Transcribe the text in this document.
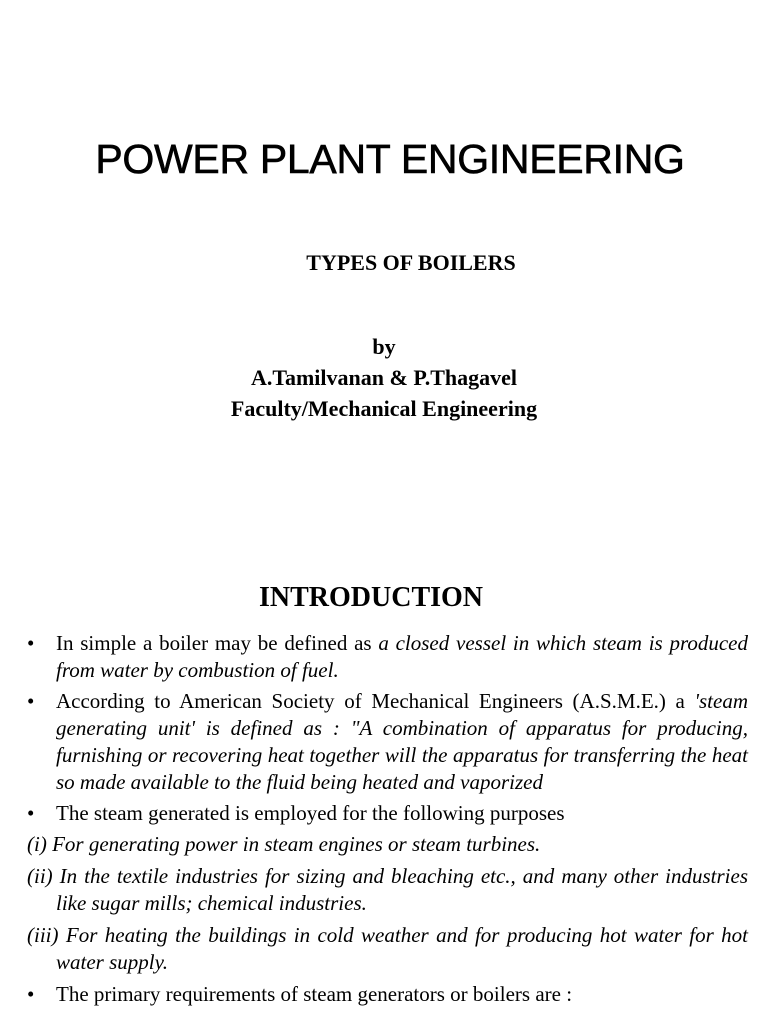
POWER PLANT ENGINEERING
TYPES OF BOILERS
by
A.Tamilvanan & P.Thagavel
Faculty/Mechanical Engineering
INTRODUCTION
• In simple a boiler may be defined as a closed vessel in which steam is produced from water by combustion of fuel.
• According to American Society of Mechanical Engineers (A.S.M.E.) a 'steam generating unit' is defined as : "A combination of apparatus for producing, furnishing or recovering heat together will the apparatus for transferring the heat so made available to the fluid being heated and vaporized
• The steam generated is employed for the following purposes
(i) For generating power in steam engines or steam turbines.
(ii) In the textile industries for sizing and bleaching etc., and many other industries like sugar mills; chemical industries.
(iii) For heating the buildings in cold weather and for producing hot water for hot water supply.
• The primary requirements of steam generators or boilers are :
